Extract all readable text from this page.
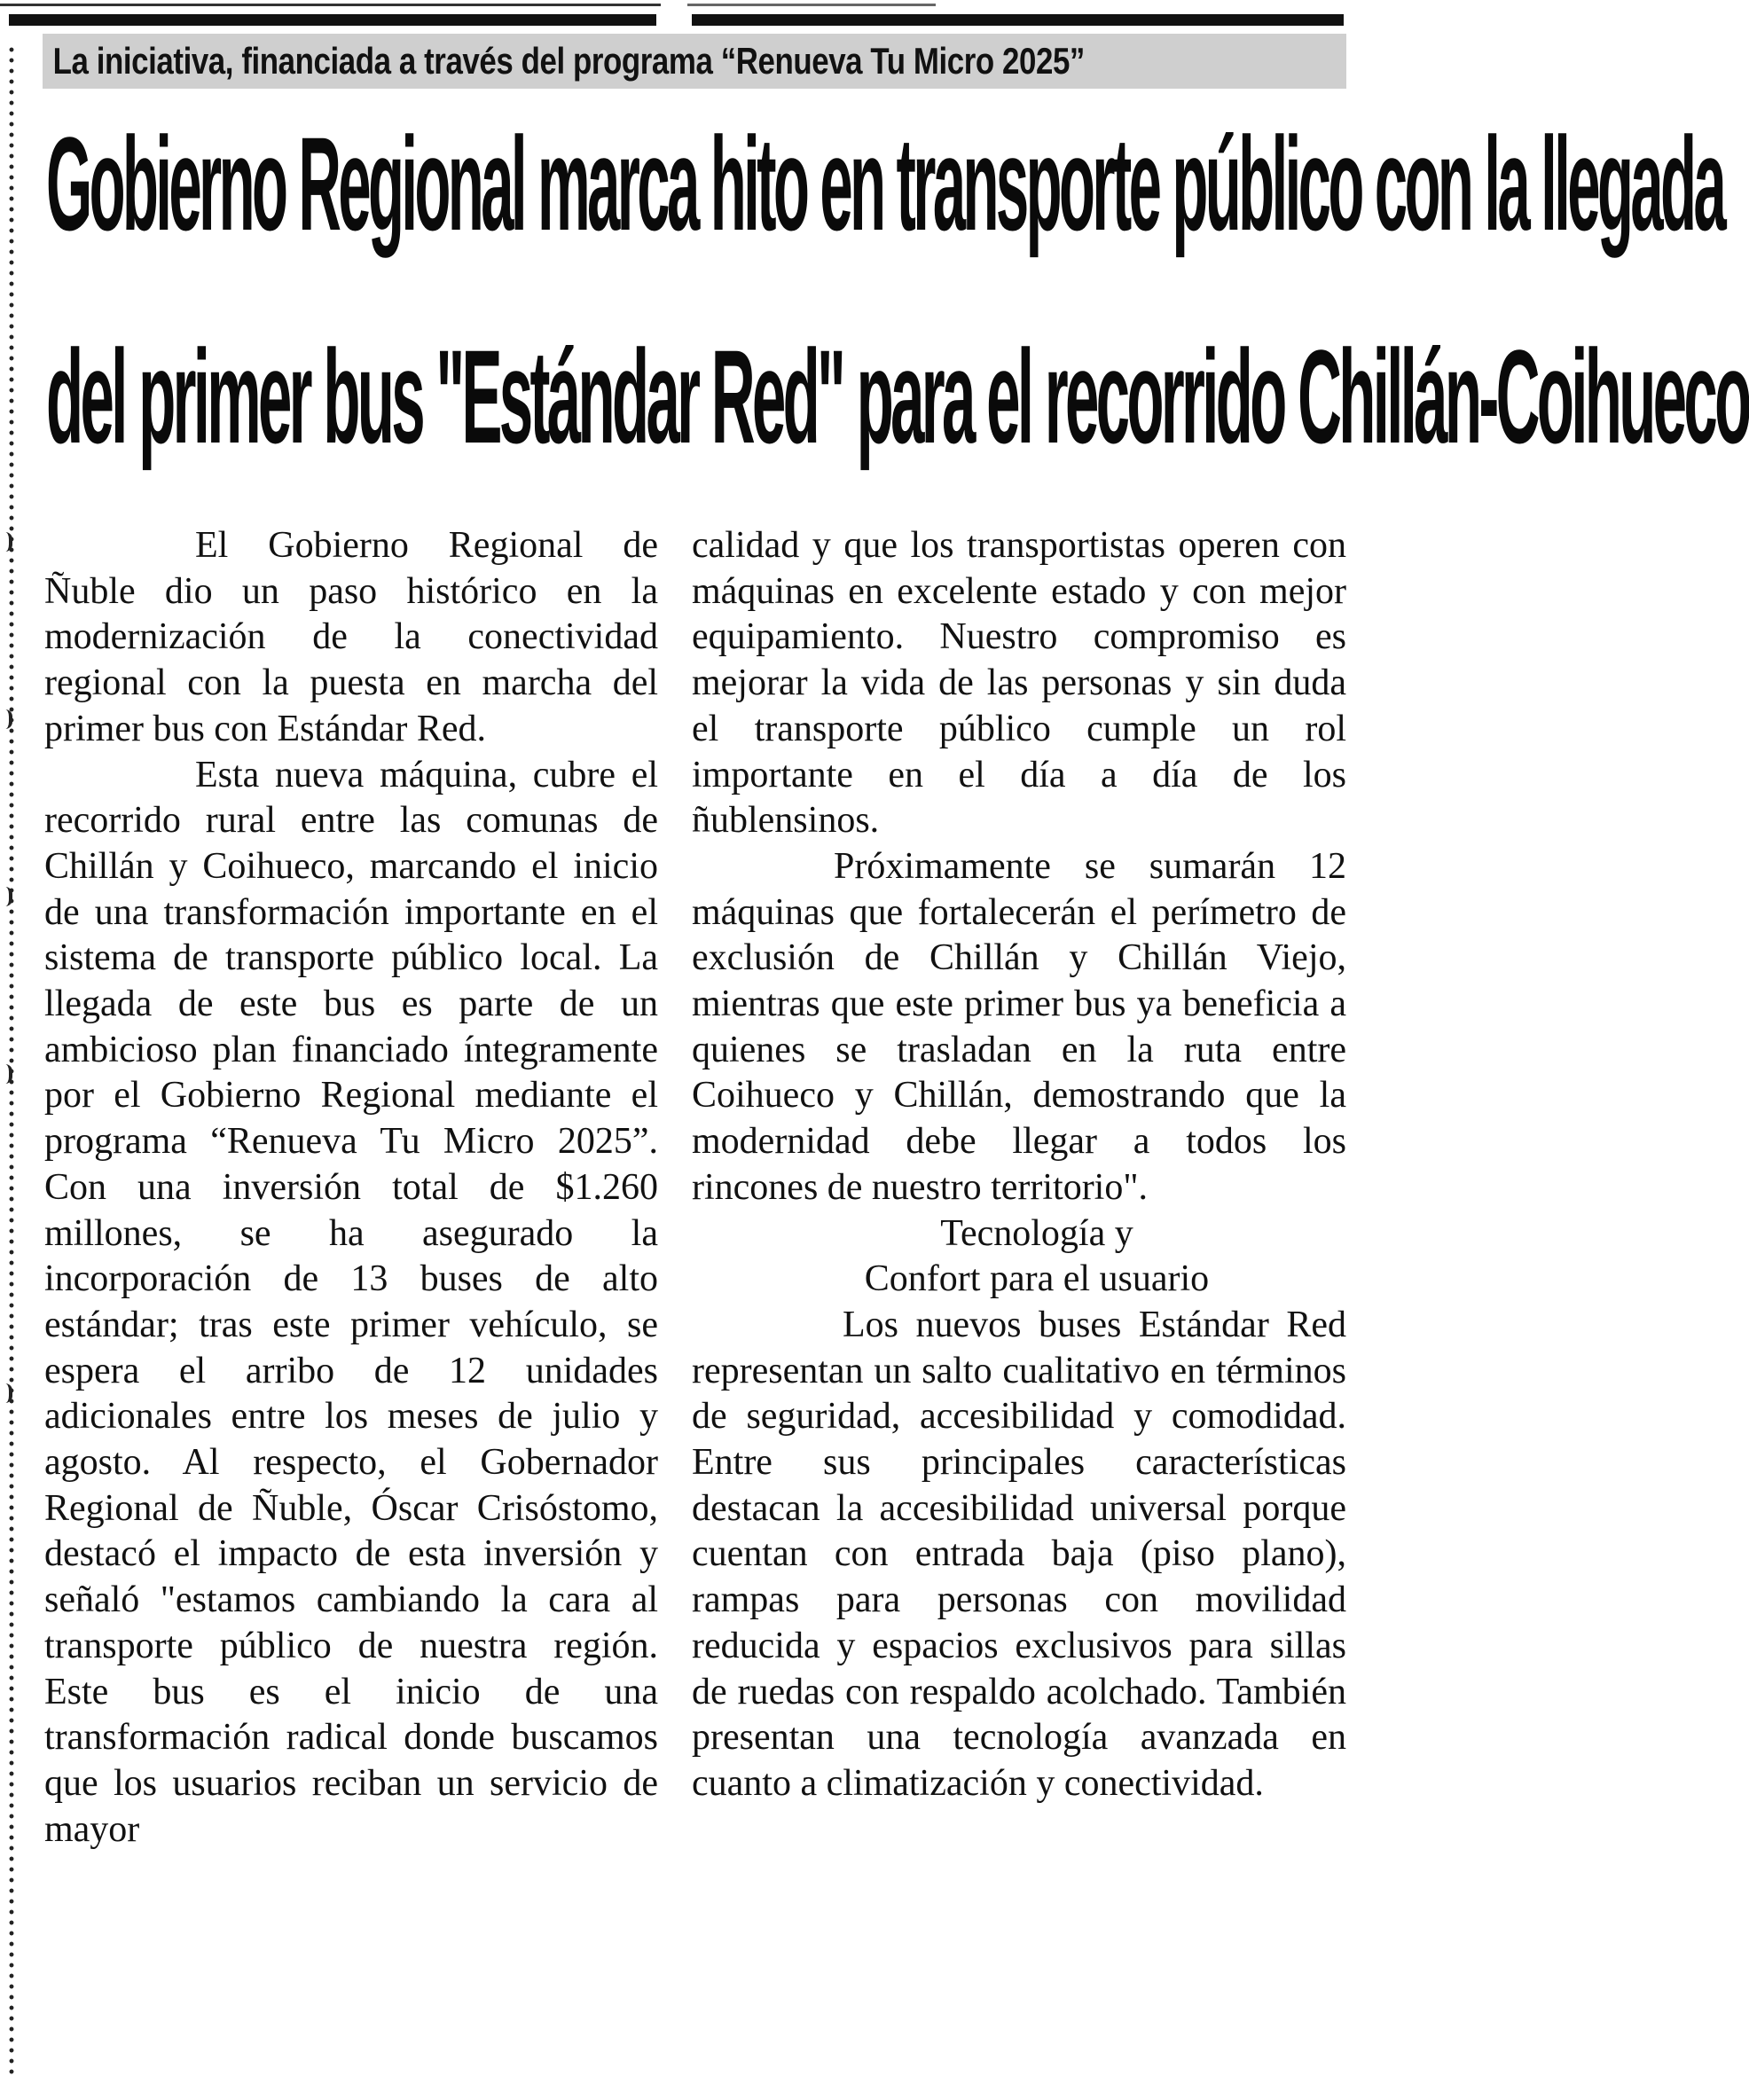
La iniciativa, financiada a través del programa “Renueva Tu Micro 2025”
Gobierno Regional marca hito en transporte público con la llegada
del primer bus "Estándar Red" para el recorrido Chillán-Coihueco

El Gobierno Regional de Ñuble dio un paso histórico en la modernización de la conectividad regional con la puesta en marcha del primer bus con Estándar Red.

Esta nueva máquina, cubre el recorrido rural entre las comunas de Chillán y Coihueco, marcando el inicio de una transformación importante en el sistema de transporte público local. La llegada de este bus es parte de un ambicioso plan financiado íntegramente por el Gobierno Regional mediante el programa “Renueva Tu Micro 2025”. Con una inversión total de $1.260 millones, se ha asegurado la incorporación de 13 buses de alto estándar; tras este primer vehículo, se espera el arribo de 12 unidades adicionales entre los meses de julio y agosto. Al respecto, el Gobernador Regional de Ñuble, Óscar Crisóstomo, destacó el impacto de esta inversión y señaló "estamos cambiando la cara al transporte público de nuestra región. Este bus es el inicio de una transformación radical donde buscamos que los usuarios reciban un servicio de mayor

calidad y que los transportistas operen con máquinas en excelente estado y con mejor equipamiento. Nuestro compromiso es mejorar la vida de las personas y sin duda el transporte público cumple un rol importante en el día a día de los ñublensinos.

Próximamente se sumarán 12 máquinas que fortalecerán el perímetro de exclusión de Chillán y Chillán Viejo, mientras que este primer bus ya beneficia a quienes se trasladan en la ruta entre Coihueco y Chillán, demostrando que la modernidad debe llegar a todos los rincones de nuestro territorio".

Tecnología y

Confort para el usuario

Los nuevos buses Estándar Red representan un salto cualitativo en términos de seguridad, accesibilidad y comodidad. Entre sus principales características destacan la accesibilidad universal porque cuentan con entrada baja (piso plano), rampas para personas con movilidad reducida y espacios exclusivos para sillas de ruedas con respaldo acolchado. También presentan una tecnología avanzada en cuanto a climatización y conectividad.
